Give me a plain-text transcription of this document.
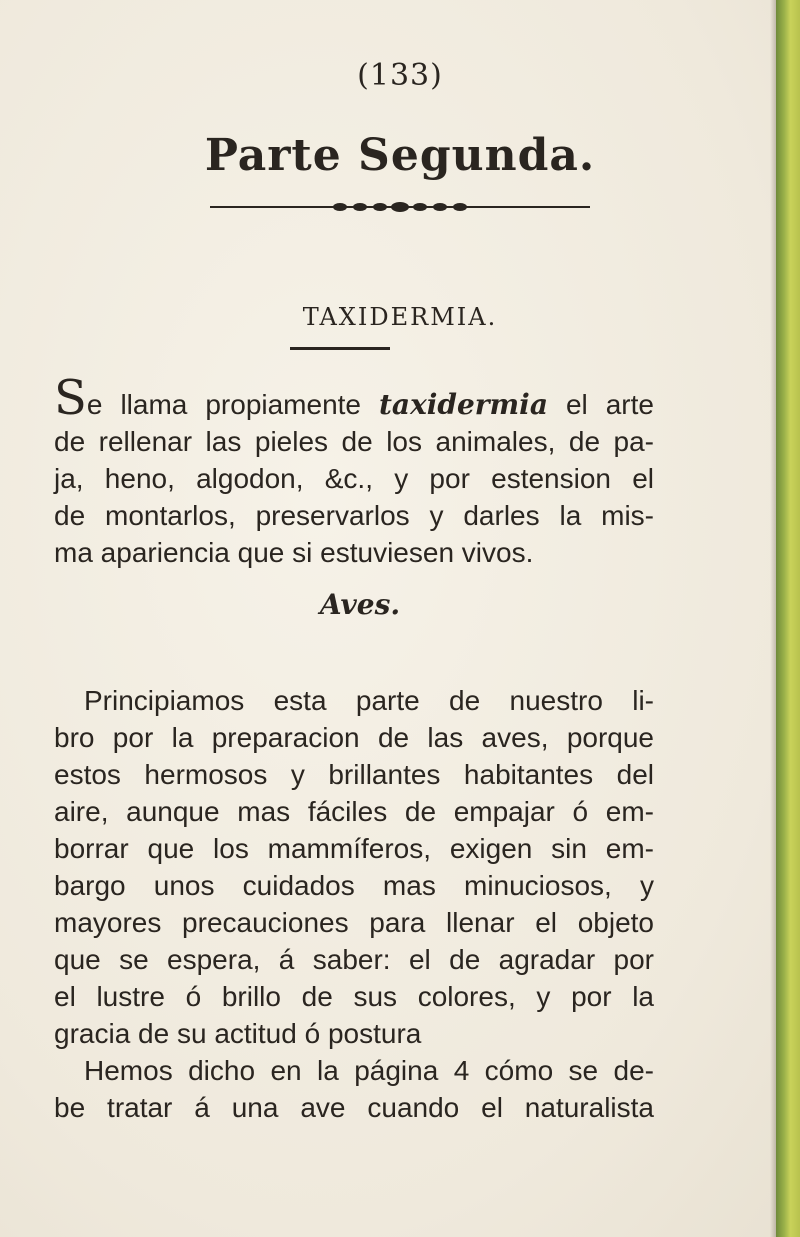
(133)
Parte Segunda.
TAXIDERMIA.
Se llama propiamente taxidermia el arte
de rellenar las pieles de los animales, de pa-
ja, heno, algodon, &c., y por estension el
de montarlos, preservarlos y darles la mis-
ma apariencia que si estuviesen vivos.
Aves.
Principiamos esta parte de nuestro li-
bro por la preparacion de las aves, porque
estos hermosos y brillantes habitantes del
aire, aunque mas fáciles de empajar ó em-
borrar que los mammíferos, exigen sin em-
bargo unos cuidados mas minuciosos, y
mayores precauciones para llenar el objeto
que se espera, á saber: el de agradar por
el lustre ó brillo de sus colores, y por la
gracia de su actitud ó postura
Hemos dicho en la página 4 cómo se de-
be tratar á una ave cuando el naturalista
